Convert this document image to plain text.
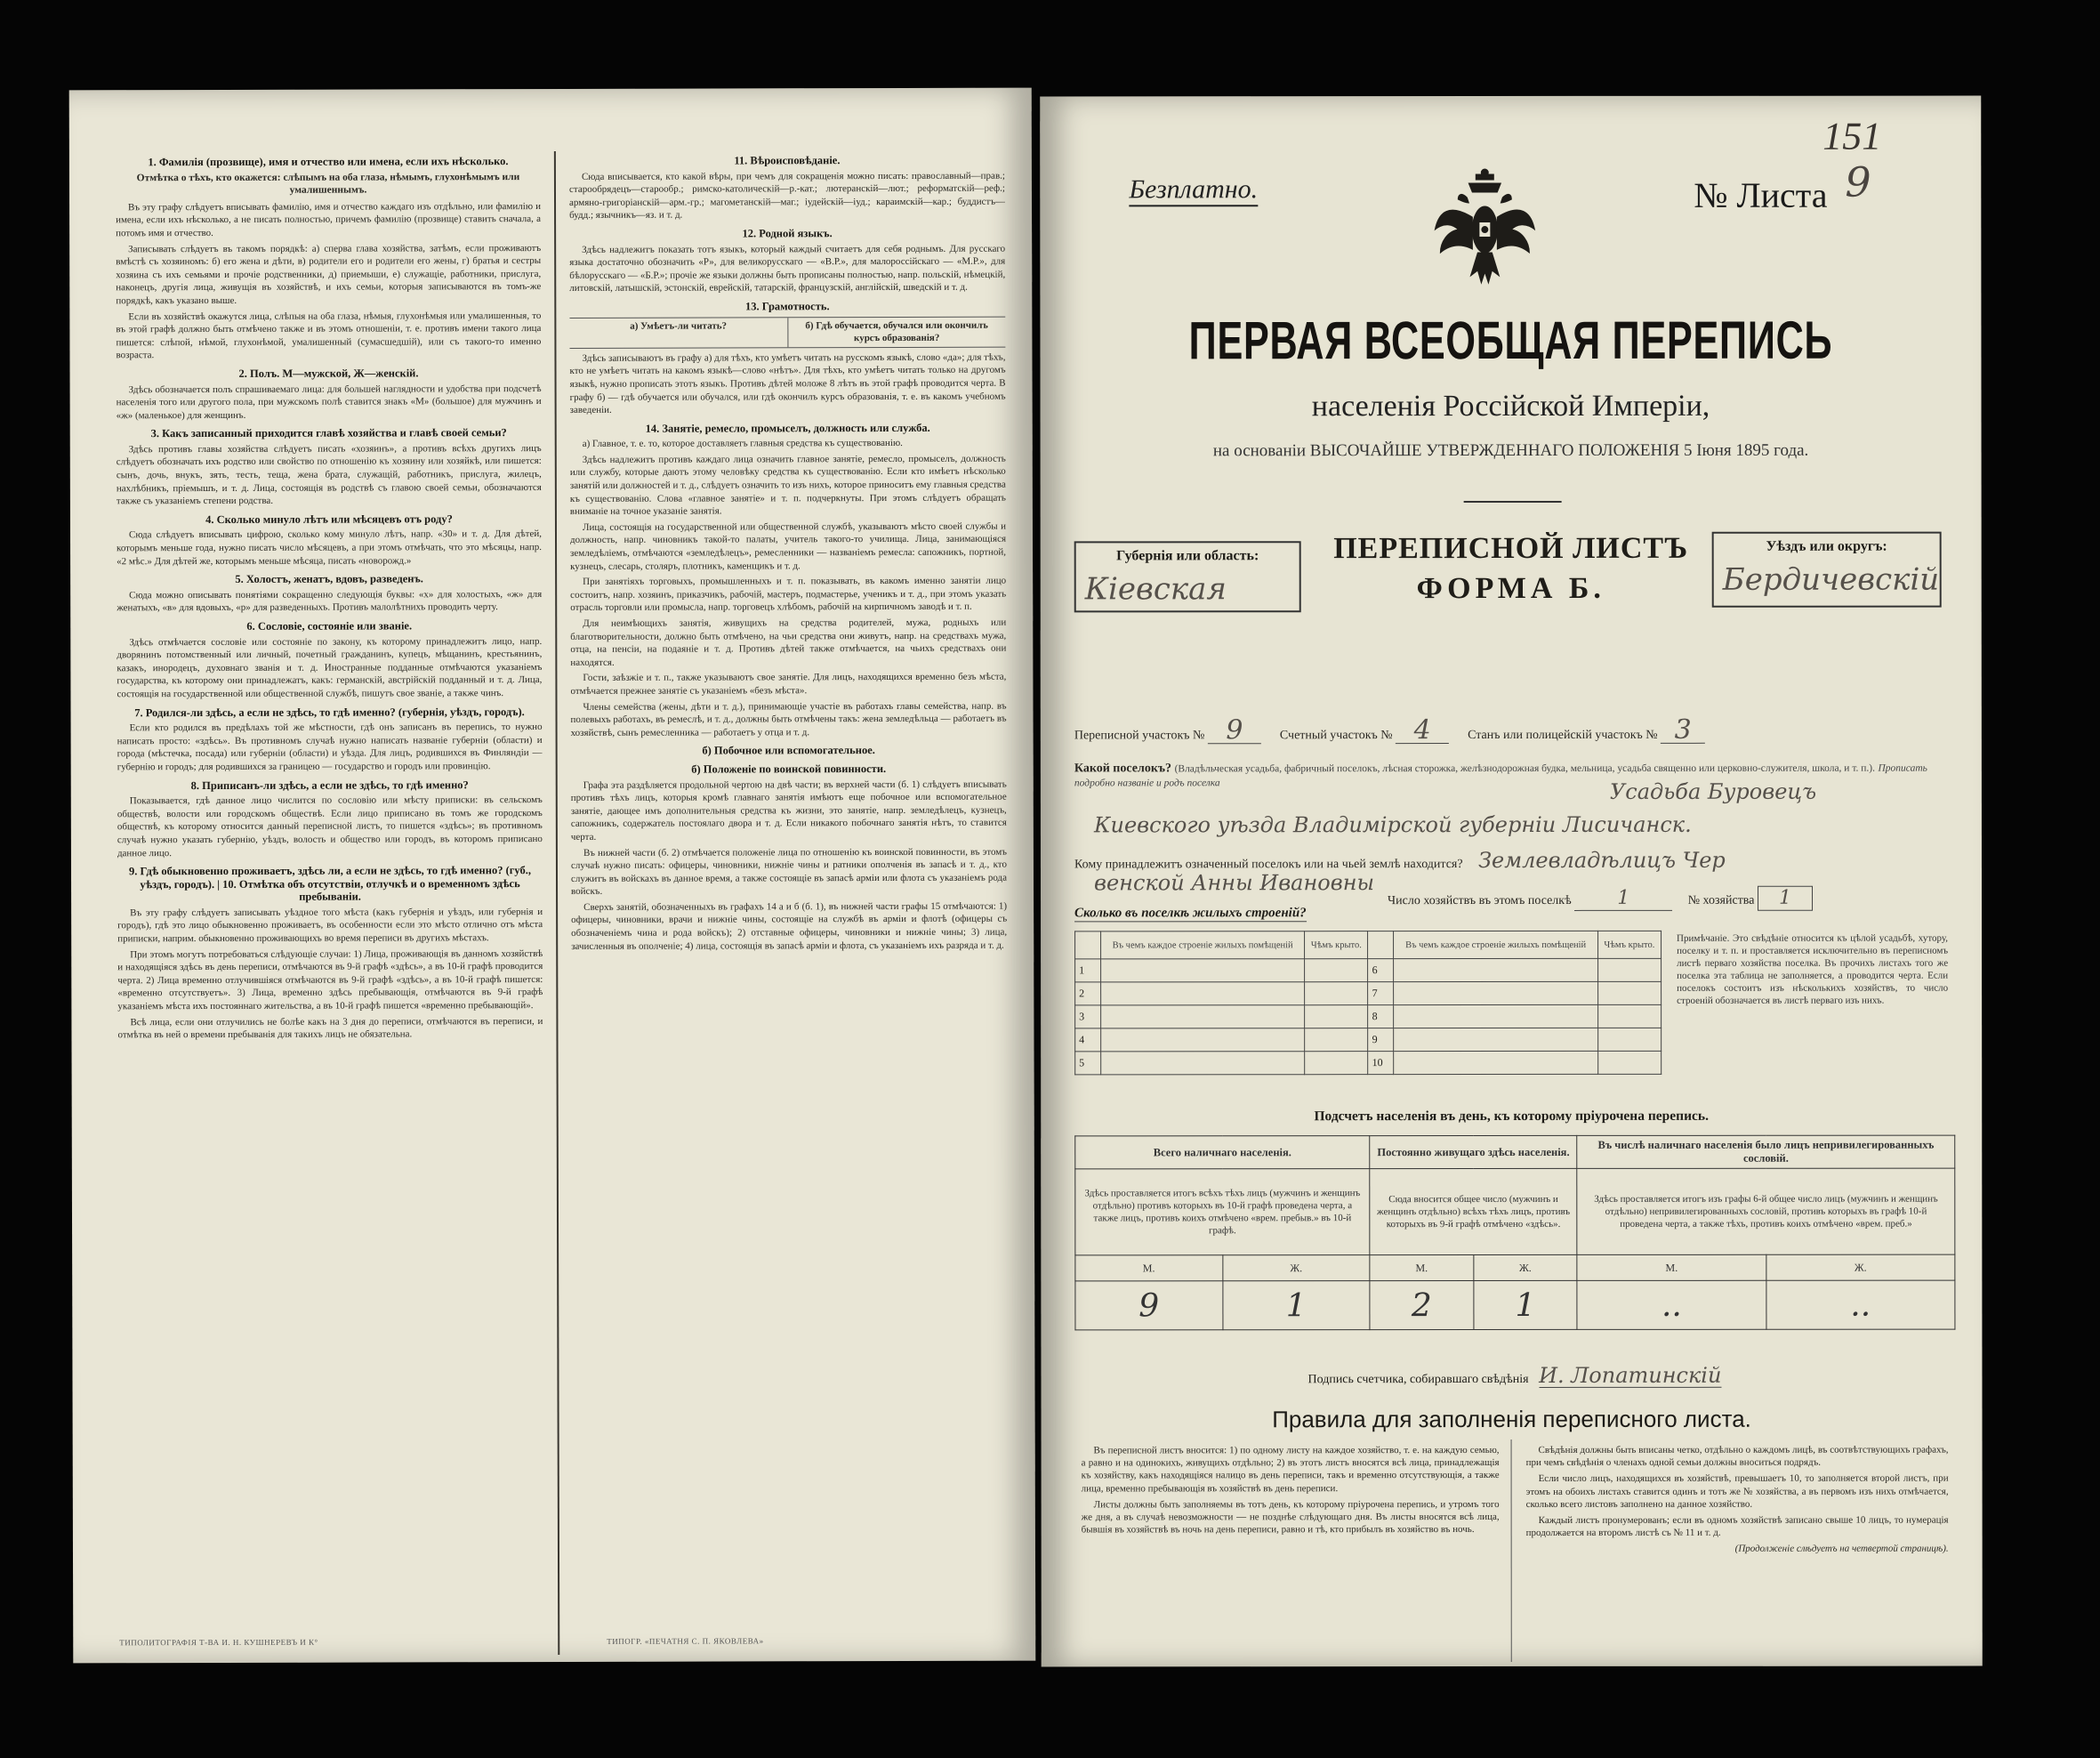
1. Фамилія (прозвище), имя и отчество или имена, если ихъ нѣсколько.
Отмѣтка о тѣхъ, кто окажется: слѣпымъ на оба глаза, нѣмымъ, глухонѣмымъ или умалишеннымъ.

Въ эту графу слѣдуетъ вписывать фамилію, имя и отчество каждаго изъ отдѣльно, или фамилію и имена, если ихъ нѣсколько, а не писать полностью, причемъ фамилію (прозвище) ставить сначала, а потомъ имя и отчество.

Записывать слѣдуетъ въ такомъ порядкѣ: а) сперва глава хозяйства, затѣмъ, если проживаютъ вмѣстѣ съ хозяиномъ: б) его жена и дѣти, в) родители его и родители его жены, г) братья и сестры хозяина съ ихъ семьями и прочіе родственники, д) приемыши, е) служащіе, работники, прислуга, наконецъ, другія лица, живущія въ хозяйствѣ, и ихъ семьи, которыя записываются въ томъ-же порядкѣ, какъ указано выше.

Если въ хозяйствѣ окажутся лица, слѣпыя на оба глаза, нѣмыя, глухонѣмыя или умалишенныя, то въ этой графѣ должно быть отмѣчено также и въ этомъ отношеніи, т. е. противъ имени такого лица пишется: слѣпой, нѣмой, глухонѣмой, умалишенный (сумасшедшій), или съ такого-то именно возраста.

2. Полъ. М—мужской, Ж—женскій.

Здѣсь обозначается полъ спрашиваемаго лица: для большей наглядности и удобства при подсчетѣ населенія того или другого пола, при мужскомъ полѣ ставится знакъ «М» (большое) для мужчинъ и «ж» (маленькое) для женщинъ.

3. Какъ записанный приходится главѣ хозяйства и главѣ своей семьи?

Здѣсь противъ главы хозяйства слѣдуетъ писать «хозяинъ», а противъ всѣхъ другихъ лицъ слѣдуетъ обозначать ихъ родство или свойство по отношенію къ хозяину или хозяйкѣ, или пишется: сынъ, дочь, внукъ, зять, тесть, теща, жена брата, служащій, работникъ, прислуга, жилецъ, нахлѣбникъ, пріемышъ, и т. д. Лица, состоящія въ родствѣ съ главою своей семьи, обозначаются также съ указаніемъ степени родства.

4. Сколько минуло лѣтъ или мѣсяцевъ отъ роду?

Сюда слѣдуетъ вписывать цифрою, сколько кому минуло лѣтъ, напр. «30» и т. д. Для дѣтей, которымъ меньше года, нужно писать число мѣсяцевъ, а при этомъ отмѣчать, что это мѣсяцы, напр. «2 мѣс.» Для дѣтей же, которымъ меньше мѣсяца, писать «новорожд.»

5. Холостъ, женатъ, вдовъ, разведенъ.

Сюда можно описывать понятіями сокращенно следующія буквы: «х» для холостыхъ, «ж» для женатыхъ, «в» для вдовыхъ, «р» для разведенныхъ. Противъ малолѣтнихъ проводить черту.

6. Сословіе, состояніе или званіе.

Здѣсь отмѣчается сословіе или состояніе по закону, къ которому принадлежитъ лицо, напр. дворянинъ потомственный или личный, почетный гражданинъ, купецъ, мѣщанинъ, крестьянинъ, казакъ, инородецъ, духовнаго званія и т. д. Иностранные подданные отмѣчаются указаніемъ государства, къ которому они принадлежатъ, какъ: германскій, австрійскій подданный и т. д. Лица, состоящія на государственной или общественной службѣ, пишутъ свое званіе, а также чинъ.

7. Родился-ли здѣсь, а если не здѣсь, то гдѣ именно? (губернія, уѣздъ, городъ).

Если кто родился въ предѣлахъ той же мѣстности, гдѣ онъ записанъ въ перепись, то нужно написать просто: «здѣсь». Въ противномъ случаѣ нужно написать названіе губерніи (области) и города (мѣстечка, посада) или губерніи (области) и уѣзда. Для лицъ, родившихся въ Финляндіи — губернію и городъ; для родившихся за границею — государство и городъ или провинцію.

8. Приписанъ-ли здѣсь, а если не здѣсь, то гдѣ именно?

Показывается, гдѣ данное лицо числится по сословію или мѣсту приписки: въ сельскомъ обществѣ, волости или городскомъ обществѣ. Если лицо приписано въ томъ же городскомъ обществѣ, къ которому относится данный переписной листъ, то пишется «здѣсь»; въ противномъ случаѣ нужно указать губернію, уѣздъ, волость и общество или городъ, въ которомъ приписано данное лицо.

9. Гдѣ обыкновенно проживаетъ, здѣсь ли, а если не здѣсь, то гдѣ именно? (губ., уѣздъ, городъ). | 10. Отмѣтка объ отсутствіи, отлучкѣ и о временномъ здѣсь пребываніи.

Въ эту графу слѣдуетъ записывать уѣздное того мѣста (какъ губернія и уѣздъ, или губернія и городъ), гдѣ это лицо обыкновенно проживаетъ, въ особенности если это мѣсто отлично отъ мѣста приписки, наприм. обыкновенно проживающихъ во время переписи въ другихъ мѣстахъ.

При этомъ могутъ потребоваться слѣдующіе случаи: 1) Лица, проживающія въ данномъ хозяйствѣ и находящіяся здѣсь въ день переписи, отмѣчаются въ 9-й графѣ «здѣсь», а въ 10-й графѣ проводится черта. 2) Лица временно отлучившіяся отмѣчаются въ 9-й графѣ «здѣсь», а въ 10-й графѣ пишется: «временно отсутствуетъ». 3) Лица, временно здѣсь пребывающія, отмѣчаются въ 9-й графѣ указаніемъ мѣста ихъ постояннаго жительства, а въ 10-й графѣ пишется «временно пребывающій».

Всѣ лица, если они отлучились не болѣе какъ на 3 дня до переписи, отмѣчаются въ переписи, и отмѣтка въ ней о времени пребыванія для такихъ лицъ не обязательна.

11. Вѣроисповѣданіе.

Сюда вписывается, кто какой вѣры, при чемъ для сокращенія можно писать: православный—прав.; старообрядецъ—старообр.; римско-католическій—р.-кат.; лютеранскій—лют.; реформатскій—реф.; армяно-григоріанскій—арм.-гр.; магометанскій—маг.; іудейскій—іуд.; караимскій—кар.; буддистъ—будд.; язычникъ—яз. и т. д.

12. Родной языкъ.

Здѣсь надлежитъ показать тотъ языкъ, который каждый считаетъ для себя роднымъ. Для русскаго языка достаточно обозначить «Р», для великорусскаго — «В.Р.», для малороссійскаго — «М.Р.», для бѣлорусскаго — «Б.Р.»; прочіе же языки должны быть прописаны полностью, напр. польскій, нѣмецкій, литовскій, латышскій, эстонскій, еврейскій, татарскій, французскій, англійскій, шведскій и т. д.

13. Грамотность.
а) Умѣетъ-ли читать?	б) Гдѣ обучается, обучался или окончилъ курсъ образованія?

Здѣсь записываютъ въ графу а) для тѣхъ, кто умѣетъ читать на русскомъ языкѣ, слово «да»; для тѣхъ, кто не умѣетъ читать на какомъ языкѣ—слово «нѣтъ». Для тѣхъ, кто умѣетъ читать только на другомъ языкѣ, нужно прописать этотъ языкъ. Противъ дѣтей моложе 8 лѣтъ въ этой графѣ проводится черта. В графу б) — гдѣ обучается или обучался, или гдѣ окончилъ курсъ образованія, т. е. въ какомъ учебномъ заведеніи.

14. Занятіе, ремесло, промыселъ, должность или служба.

а) Главное, т. е. то, которое доставляетъ главныя средства къ существованію.

Здѣсь надлежитъ противъ каждаго лица означить главное занятіе, ремесло, промыселъ, должность или службу, которые даютъ этому человѣку средства къ существованію. Если кто имѣетъ нѣсколько занятій или должностей и т. д., слѣдуетъ означить то изъ нихъ, которое приноситъ ему главныя средства къ существованію. Слова «главное занятіе» и т. п. подчеркнуты. При этомъ слѣдуетъ обращать вниманіе на точное указаніе занятія.

Лица, состоящія на государственной или общественной службѣ, указываютъ мѣсто своей службы и должность, напр. чиновникъ такой-то палаты, учитель такого-то училища. Лица, занимающіяся земледѣліемъ, отмѣчаются «земледѣлецъ», ремесленники — названіемъ ремесла: сапожникъ, портной, кузнецъ, слесарь, столяръ, плотникъ, каменщикъ и т. д.

При занятіяхъ торговыхъ, промышленныхъ и т. п. показывать, въ какомъ именно занятіи лицо состоитъ, напр. хозяинъ, приказчикъ, рабочій, мастеръ, подмастерье, ученикъ и т. д., при этомъ указать отрасль торговли или промысла, напр. торговецъ хлѣбомъ, рабочій на кирпичномъ заводѣ и т. п.

Для неимѣющихъ занятія, живущихъ на средства родителей, мужа, родныхъ или благотворительности, должно быть отмѣчено, на чьи средства они живутъ, напр. на средствахъ мужа, отца, на пенсіи, на подаяніе и т. д. Противъ дѣтей также отмѣчается, на чьихъ средствахъ они находятся.

Гости, заѣзжіе и т. п., также указываютъ свое занятіе. Для лицъ, находящихся временно безъ мѣста, отмѣчается прежнее занятіе съ указаніемъ «безъ мѣста».

Члены семейства (жены, дѣти и т. д.), принимающіе участіе въ работахъ главы семейства, напр. въ полевыхъ работахъ, въ ремеслѣ, и т. д., должны быть отмѣчены такъ: жена земледѣльца — работаетъ въ хозяйствѣ, сынъ ремесленника — работаетъ у отца и т. д.

б) Побочное или вспомогательное.
б) Положеніе по воинской повинности.

Графа эта раздѣляется продольной чертою на двѣ части; въ верхней части (б. 1) слѣдуетъ вписывать противъ тѣхъ лицъ, которыя кромѣ главнаго занятія имѣютъ еще побочное или вспомогательное занятіе, дающее имъ дополнительныя средства къ жизни, это занятіе, напр. земледѣлецъ, кузнецъ, сапожникъ, содержатель постоялаго двора и т. д. Если никакого побочнаго занятія нѣтъ, то ставится черта.

Въ нижней части (б. 2) отмѣчается положеніе лица по отношенію къ воинской повинности, въ этомъ случаѣ нужно писать: офицеры, чиновники, нижніе чины и ратники ополченія въ запасѣ и т. д., кто служитъ въ войскахъ въ данное время, а также состоящіе въ запасѣ армiи или флота съ указаніемъ рода войскъ.

Сверхъ занятій, обозначенныхъ въ графахъ 14 а и б (б. 1), въ нижней части графы 15 отмѣчаются: 1) офицеры, чиновники, врачи и нижніе чины, состоящіе на службѣ въ арміи и флотѣ (офицеры съ обозначеніемъ чина и рода войскъ); 2) отставные офицеры, чиновники и нижніе чины; 3) лица, зачисленныя въ ополченіе; 4) лица, состоящія въ запасѣ арміи и флота, съ указаніемъ ихъ разряда и т. д.

ТИПОЛИТОГРАФІЯ Т-ВА И. Н. КУШНЕРЕВЪ И К°	ТИПОГР. «ПЕЧАТНЯ С. П. ЯКОВЛЕВА»
Безплатно.	№ Листа 9
151
ПЕРВАЯ ВСЕОБЩАЯ ПЕРЕПИСЬ
населенія Россійской Имперіи,
на основаніи ВЫСОЧАЙШЕ УТВЕРЖДЕННАГО ПОЛОЖЕНІЯ 5 Іюня 1895 года.
Губернія или область:
Кіевская
ПЕРЕПИСНОЙ ЛИСТЪ
ФОРМА Б.
Уѣздъ или округъ:
Бердичевскій
Переписной участокъ № 9	Счетный участокъ № 4	Станъ или полицейскій участокъ № 3
Какой поселокъ? (Владѣльческая усадьба, фабричный поселокъ, лѣсная сторожка, желѣзнодорожная будка, мельница, усадьба священно или церковно-служителя, школа, и т. п.). Прописать подробно названіе и родъ поселка	Усадьба Буровецъ
Киевского уѣзда Владимірской губерніи Лисичанск.
Кому принадлежитъ означенный поселокъ или на чьей землѣ находится? Землевладѣлицъ Чер
венской Анны Ивановны
Число хозяйствъ въ этомъ поселкѣ 1	№ хозяйства 1
Сколько въ поселкѣ жилыхъ строеній?
	Въ чемъ каждое строеніе жилыхъ помѣщеній	Чѣмъ крыто.		Въ чемъ каждое строеніе жилыхъ помѣщеній	Чѣмъ крыто.
1			6		
2			7		
3			8		
4			9		
5			10		
Примѣчаніе. Это свѣдѣніе относится къ цѣлой усадьбѣ, хутору, поселку и т. п. и проставляется исключительно въ переписномъ листѣ перваго хозяйства поселка. Въ прочихъ листахъ того же поселка эта таблица не заполняется, а проводится черта. Если поселокъ состоитъ изъ нѣсколькихъ хозяйствъ, то число строеній обозначается въ листѣ перваго изъ нихъ.
Подсчетъ населенія въ день, къ которому пріурочена перепись.
Всего наличнаго населенія.		Постоянно живущаго здѣсь населенія.		Въ числѣ наличнаго населенія было лицъ непривилегированныхъ сословій.	
Здѣсь проставляется итогъ всѣхъ тѣхъ лицъ (мужчинъ и женщинъ отдѣльно) противъ которыхъ въ 10-й графѣ проведена черта, а также лицъ, противъ коихъ отмѣчено «врем. пребыв.» въ 10-й графѣ.		Сюда вносится общее число (мужчинъ и женщинъ отдѣльно) всѣхъ тѣхъ лицъ, противъ которыхъ въ 9-й графѣ отмѣчено «здѣсь».		Здѣсь проставляется итогъ изъ графы 6-й общее число лицъ (мужчинъ и женщинъ отдѣльно) непривилегированныхъ сословій, противъ которыхъ въ графѣ 10-й проведена черта, а также тѣхъ, противъ коихъ отмѣчено «врем. преб.»	
М.	Ж.	М.	Ж.	М.	Ж.
9	1	2	1	..	..
Подпись счетчика, собиравшаго свѣдѣнія И. Лопатинскій
Правила для заполненія переписного листа.

Въ переписной листъ вносится: 1) по одному листу на каждое хозяйство, т. е. на каждую семью, а равно и на одинокихъ, живущихъ отдѣльно; 2) въ этотъ листъ вносятся всѣ лица, принадлежащія къ хозяйству, какъ находящіяся налицо въ день переписи, такъ и временно отсутствующія, а также лица, временно пребывающія въ хозяйствѣ въ день переписи.

Листы должны быть заполняемы въ тотъ день, къ которому пріурочена перепись, и утромъ того же дня, а въ случаѣ невозможности — не позднѣе слѣдующаго дня. Въ листы вносятся всѣ лица, бывшія въ хозяйствѣ въ ночь на день переписи, равно и тѣ, кто прибылъ въ хозяйство въ ночь.

Свѣдѣнія должны быть вписаны четко, отдѣльно о каждомъ лицѣ, въ соотвѣтствующихъ графахъ, при чемъ свѣдѣнія о членахъ одной семьи должны вноситься подрядъ.

Если число лицъ, находящихся въ хозяйствѣ, превышаетъ 10, то заполняется второй листъ, при этомъ на обоихъ листахъ ставится одинъ и тотъ же № хозяйства, а въ первомъ изъ нихъ отмѣчается, сколько всего листовъ заполнено на данное хозяйство.

Каждый листъ пронумерованъ; если въ одномъ хозяйствѣ записано свыше 10 лицъ, то нумерація продолжается на второмъ листѣ съ № 11 и т. д.

(Продолженіе слѣдуетъ на четвертой страницѣ).
